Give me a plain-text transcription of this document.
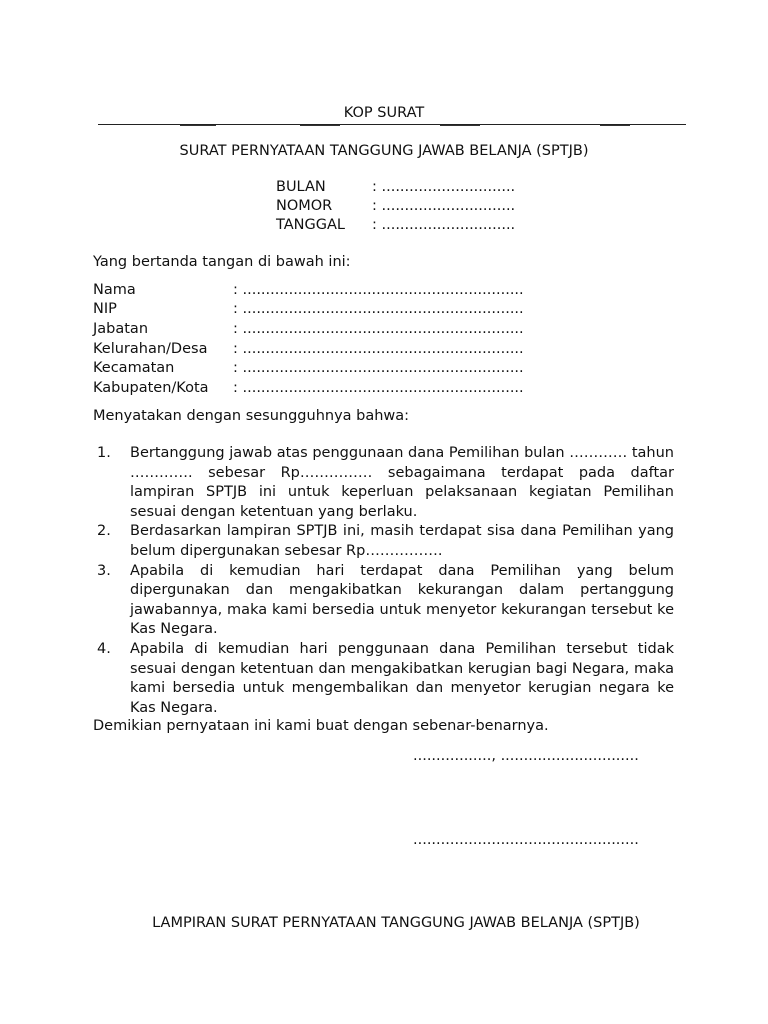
KOP SURAT
SURAT PERNYATAAN TANGGUNG JAWAB BELANJA (SPTJB)
BULAN	: .............................
NOMOR	: .............................
TANGGAL : .............................
Yang bertanda tangan di bawah ini:
Nama	: .............................................................
NIP	: .............................................................
Jabatan	: .............................................................
Kelurahan/Desa : .............................................................
Kecamatan	: .............................................................
Kabupaten/Kota : .............................................................
Menyatakan dengan sesungguhnya bahwa:
1. Bertanggung jawab atas penggunaan dana Pemilihan bulan ………… tahun …………. sebesar Rp…………… sebagaimana terdapat pada daftar lampiran SPTJB ini untuk keperluan pelaksanaan kegiatan Pemilihan sesuai dengan ketentuan yang berlaku.
2. Berdasarkan lampiran SPTJB ini, masih terdapat sisa dana Pemilihan yang belum dipergunakan sebesar Rp…………….
3. Apabila di kemudian hari terdapat dana Pemilihan yang belum dipergunakan dan mengakibatkan kekurangan dalam pertanggung jawabannya, maka kami bersedia untuk menyetor kekurangan tersebut ke Kas Negara.
4. Apabila di kemudian hari penggunaan dana Pemilihan tersebut tidak sesuai dengan ketentuan dan mengakibatkan kerugian bagi Negara, maka kami bersedia untuk mengembalikan dan menyetor kerugian negara ke Kas Negara.
Demikian pernyataan ini kami buat dengan sebenar-benarnya.
................., ..............................
.................................................
LAMPIRAN SURAT PERNYATAAN TANGGUNG JAWAB BELANJA (SPTJB)
